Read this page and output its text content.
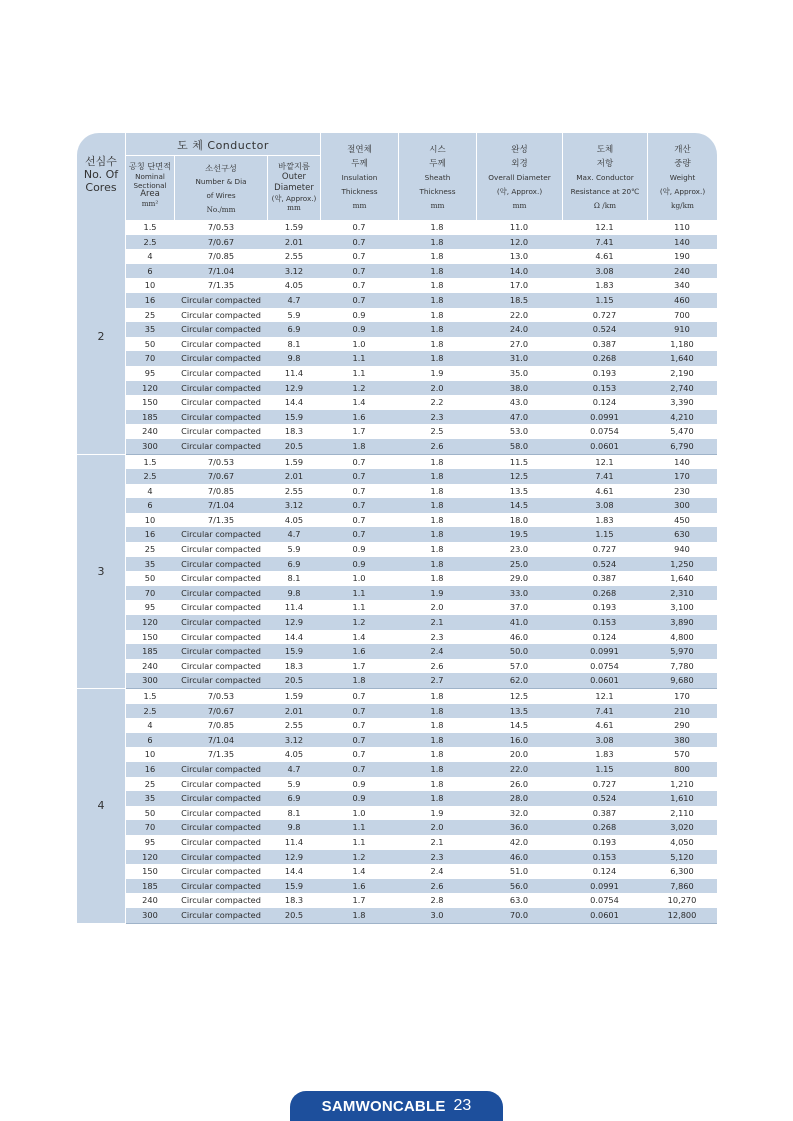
선심수
No. Of
Cores
도 체 Conductor
공칭 단면적
Nominal
Sectional
Area
mm²
소선구성
Number & Dia
of Wires
No./mm
바깥지름
Outer
Diameter
(약, Approx.)
mm
절연체
두께
Insulation
Thickness
mm
시스
두께
Sheath
Thickness
mm
완성
외경
Overall Diameter
(약, Approx.)
mm
도체
저항
Max. Conductor
Resistance at 20℃
Ω /km
개산
중량
Weight
(약, Approx.)
kg/km
2
1.5	7/0.53	1.59	0.7	1.8	11.0	12.1	110
2.5	7/0.67	2.01	0.7	1.8	12.0	7.41	140
4	7/0.85	2.55	0.7	1.8	13.0	4.61	190
6	7/1.04	3.12	0.7	1.8	14.0	3.08	240
10	7/1.35	4.05	0.7	1.8	17.0	1.83	340
16	Circular compacted	4.7	0.7	1.8	18.5	1.15	460
25	Circular compacted	5.9	0.9	1.8	22.0	0.727	700
35	Circular compacted	6.9	0.9	1.8	24.0	0.524	910
50	Circular compacted	8.1	1.0	1.8	27.0	0.387	1,180
70	Circular compacted	9.8	1.1	1.8	31.0	0.268	1,640
95	Circular compacted	11.4	1.1	1.9	35.0	0.193	2,190
120	Circular compacted	12.9	1.2	2.0	38.0	0.153	2,740
150	Circular compacted	14.4	1.4	2.2	43.0	0.124	3,390
185	Circular compacted	15.9	1.6	2.3	47.0	0.0991	4,210
240	Circular compacted	18.3	1.7	2.5	53.0	0.0754	5,470
300	Circular compacted	20.5	1.8	2.6	58.0	0.0601	6,790
3
1.5	7/0.53	1.59	0.7	1.8	11.5	12.1	140
2.5	7/0.67	2.01	0.7	1.8	12.5	7.41	170
4	7/0.85	2.55	0.7	1.8	13.5	4.61	230
6	7/1.04	3.12	0.7	1.8	14.5	3.08	300
10	7/1.35	4.05	0.7	1.8	18.0	1.83	450
16	Circular compacted	4.7	0.7	1.8	19.5	1.15	630
25	Circular compacted	5.9	0.9	1.8	23.0	0.727	940
35	Circular compacted	6.9	0.9	1.8	25.0	0.524	1,250
50	Circular compacted	8.1	1.0	1.8	29.0	0.387	1,640
70	Circular compacted	9.8	1.1	1.9	33.0	0.268	2,310
95	Circular compacted	11.4	1.1	2.0	37.0	0.193	3,100
120	Circular compacted	12.9	1.2	2.1	41.0	0.153	3,890
150	Circular compacted	14.4	1.4	2.3	46.0	0.124	4,800
185	Circular compacted	15.9	1.6	2.4	50.0	0.0991	5,970
240	Circular compacted	18.3	1.7	2.6	57.0	0.0754	7,780
300	Circular compacted	20.5	1.8	2.7	62.0	0.0601	9,680
4
1.5	7/0.53	1.59	0.7	1.8	12.5	12.1	170
2.5	7/0.67	2.01	0.7	1.8	13.5	7.41	210
4	7/0.85	2.55	0.7	1.8	14.5	4.61	290
6	7/1.04	3.12	0.7	1.8	16.0	3.08	380
10	7/1.35	4.05	0.7	1.8	20.0	1.83	570
16	Circular compacted	4.7	0.7	1.8	22.0	1.15	800
25	Circular compacted	5.9	0.9	1.8	26.0	0.727	1,210
35	Circular compacted	6.9	0.9	1.8	28.0	0.524	1,610
50	Circular compacted	8.1	1.0	1.9	32.0	0.387	2,110
70	Circular compacted	9.8	1.1	2.0	36.0	0.268	3,020
95	Circular compacted	11.4	1.1	2.1	42.0	0.193	4,050
120	Circular compacted	12.9	1.2	2.3	46.0	0.153	5,120
150	Circular compacted	14.4	1.4	2.4	51.0	0.124	6,300
185	Circular compacted	15.9	1.6	2.6	56.0	0.0991	7,860
240	Circular compacted	18.3	1.7	2.8	63.0	0.0754	10,270
300	Circular compacted	20.5	1.8	3.0	70.0	0.0601	12,800
SAMWONCABLE 23
